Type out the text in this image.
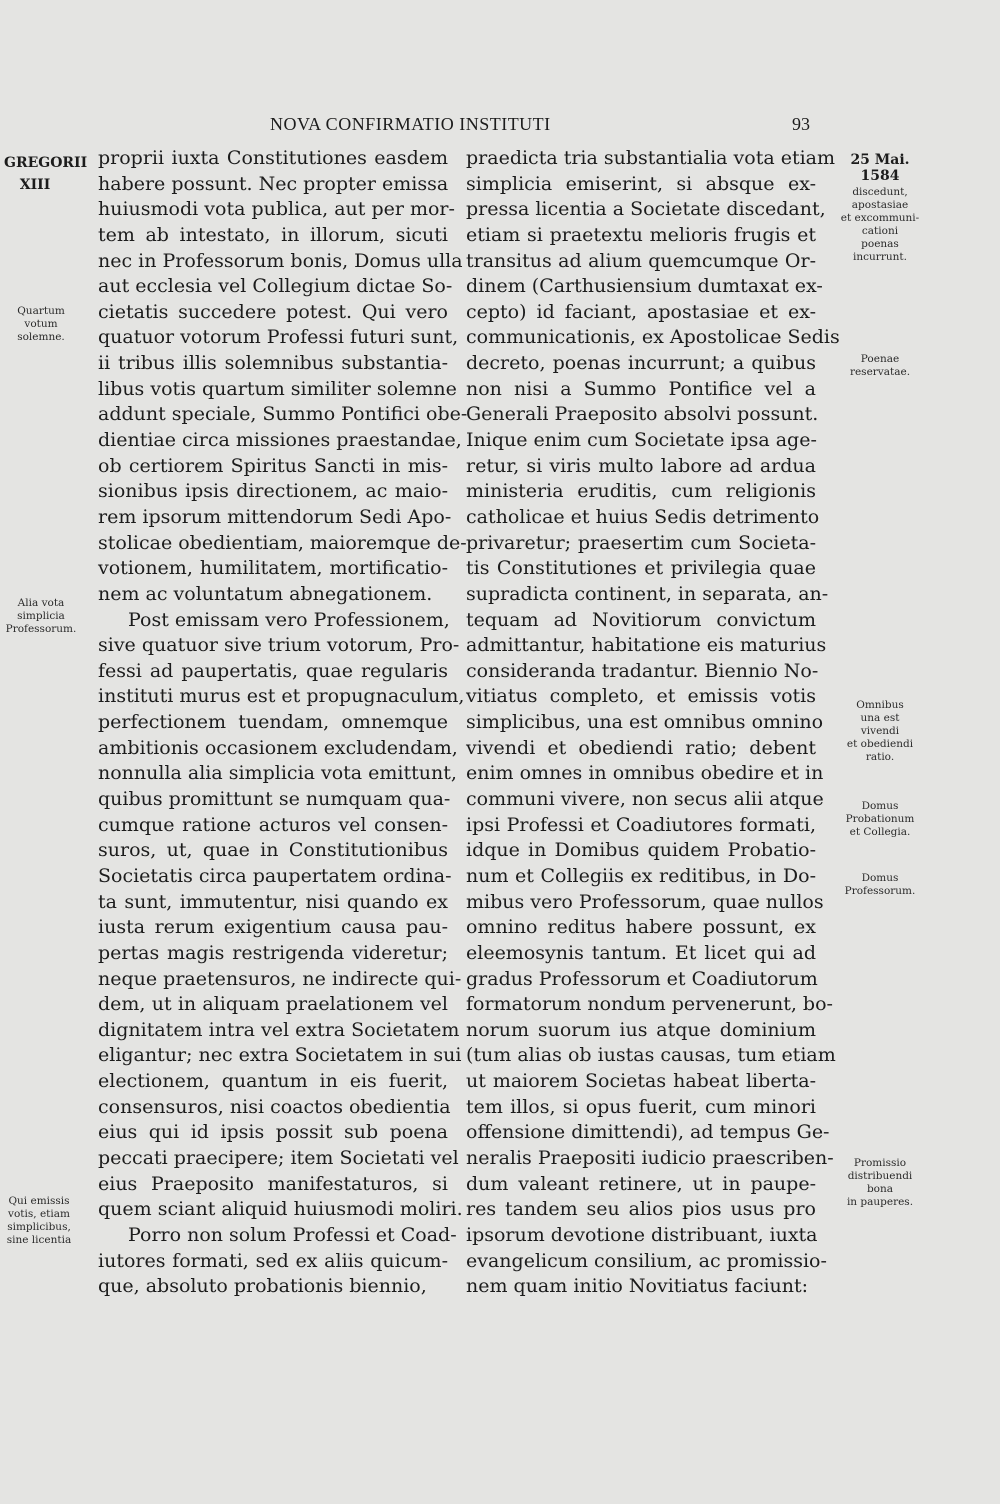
NOVA CONFIRMATIO INSTITUTI	93
GREGORII
XIII
25 Mai. 1584
Quartum
votum
solemne.
Alia vota
simplicia
Professorum.
Qui emissis
votis, etiam
simplicibus,
sine licentia
discedunt,
apostasiae
et excommuni-
cationi
poenas
incurrunt.
Poenae
reservatae.
Omnibus
una est
vivendi
et obediendi
ratio.
Domus
Probationum
et Collegia.
Domus
Professorum.
Promissio
distribuendi
bona
in pauperes.
proprii iuxta Constitutiones easdem
habere possunt. Nec propter emissa
huiusmodi vota publica, aut per mor-
tem ab intestato, in illorum, sicuti
nec in Professorum bonis, Domus ulla
aut ecclesia vel Collegium dictae So-
cietatis succedere potest. Qui vero
quatuor votorum Professi futuri sunt,
ii tribus illis solemnibus substantia-
libus votis quartum similiter solemne
addunt speciale, Summo Pontifici obe-
dientiae circa missiones praestandae,
ob certiorem Spiritus Sancti in mis-
sionibus ipsis directionem, ac maio-
rem ipsorum mittendorum Sedi Apo-
stolicae obedientiam, maioremque de-
votionem, humilitatem, mortificatio-
nem ac voluntatum abnegationem.
Post emissam vero Professionem,
sive quatuor sive trium votorum, Pro-
fessi ad paupertatis, quae regularis
instituti murus est et propugnaculum,
perfectionem tuendam, omnemque
ambitionis occasionem excludendam,
nonnulla alia simplicia vota emittunt,
quibus promittunt se numquam qua-
cumque ratione acturos vel consen-
suros, ut, quae in Constitutionibus
Societatis circa paupertatem ordina-
ta sunt, immutentur, nisi quando ex
iusta rerum exigentium causa pau-
pertas magis restrigenda videretur;
neque praetensuros, ne indirecte qui-
dem, ut in aliquam praelationem vel
dignitatem intra vel extra Societatem
eligantur; nec extra Societatem in sui
electionem, quantum in eis fuerit,
consensuros, nisi coactos obedientia
eius qui id ipsis possit sub poena
peccati praecipere; item Societati vel
eius Praeposito manifestaturos, si
quem sciant aliquid huiusmodi moliri.
Porro non solum Professi et Coad-
iutores formati, sed ex aliis quicum-
que, absoluto probationis biennio,
praedicta tria substantialia vota etiam
simplicia emiserint, si absque ex-
pressa licentia a Societate discedant,
etiam si praetextu melioris frugis et
transitus ad alium quemcumque Or-
dinem (Carthusiensium dumtaxat ex-
cepto) id faciant, apostasiae et ex-
communicationis, ex Apostolicae Sedis
decreto, poenas incurrunt; a quibus
non nisi a Summo Pontifice vel a
Generali Praeposito absolvi possunt.
Inique enim cum Societate ipsa age-
retur, si viris multo labore ad ardua
ministeria eruditis, cum religionis
catholicae et huius Sedis detrimento
privaretur; praesertim cum Societa-
tis Constitutiones et privilegia quae
supradicta continent, in separata, an-
tequam ad Novitiorum convictum
admittantur, habitatione eis maturius
consideranda tradantur. Biennio No-
vitiatus completo, et emissis votis
simplicibus, una est omnibus omnino
vivendi et obediendi ratio; debent
enim omnes in omnibus obedire et in
communi vivere, non secus alii atque
ipsi Professi et Coadiutores formati,
idque in Domibus quidem Probatio-
num et Collegiis ex reditibus, in Do-
mibus vero Professorum, quae nullos
omnino reditus habere possunt, ex
eleemosynis tantum. Et licet qui ad
gradus Professorum et Coadiutorum
formatorum nondum pervenerunt, bo-
norum suorum ius atque dominium
(tum alias ob iustas causas, tum etiam
ut maiorem Societas habeat liberta-
tem illos, si opus fuerit, cum minori
offensione dimittendi), ad tempus Ge-
neralis Praepositi iudicio praescriben-
dum valeant retinere, ut in paupe-
res tandem seu alios pios usus pro
ipsorum devotione distribuant, iuxta
evangelicum consilium, ac promissio-
nem quam initio Novitiatus faciunt:
